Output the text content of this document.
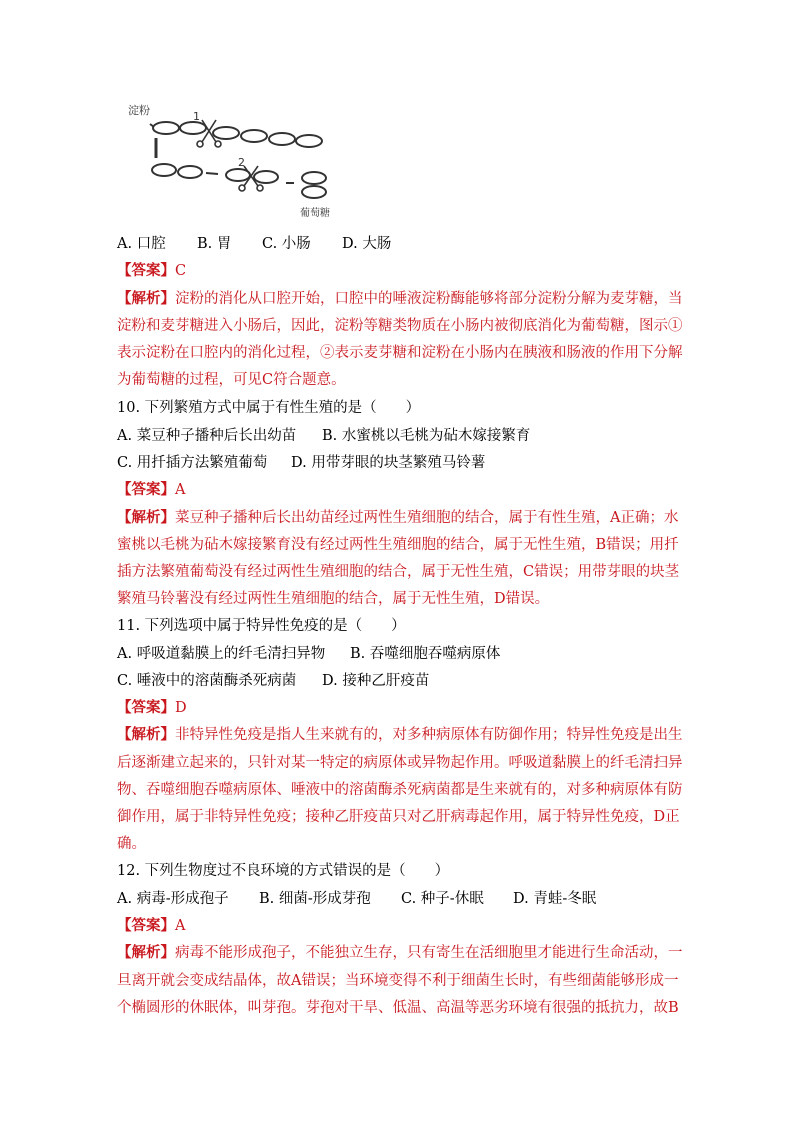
淀粉	1
2
葡萄糖
A. 口腔 B. 胃 C. 小肠 D. 大肠
【答案】C
【解析】淀粉的消化从口腔开始，口腔中的唾液淀粉酶能够将部分淀粉分解为麦芽糖，当
淀粉和麦芽糖进入小肠后，因此，淀粉等糖类物质在小肠内被彻底消化为葡萄糖，图示①
表示淀粉在口腔内的消化过程，②表示麦芽糖和淀粉在小肠内在胰液和肠液的作用下分解
为葡萄糖的过程，可见C符合题意。
10. 下列繁殖方式中属于有性生殖的是（　　）
A. 菜豆种子播种后长出幼苗 B. 水蜜桃以毛桃为砧木嫁接繁育
C. 用扦插方法繁殖葡萄 D. 用带芽眼的块茎繁殖马铃薯
【答案】A
【解析】菜豆种子播种后长出幼苗经过两性生殖细胞的结合，属于有性生殖，A正确；水
蜜桃以毛桃为砧木嫁接繁育没有经过两性生殖细胞的结合，属于无性生殖，B错误；用扦
插方法繁殖葡萄没有经过两性生殖细胞的结合，属于无性生殖，C错误；用带芽眼的块茎
繁殖马铃薯没有经过两性生殖细胞的结合，属于无性生殖，D错误。
11. 下列选项中属于特异性免疫的是（　　）
A. 呼吸道黏膜上的纤毛清扫异物 B. 吞噬细胞吞噬病原体
C. 唾液中的溶菌酶杀死病菌 D. 接种乙肝疫苗
【答案】D
【解析】非特异性免疫是指人生来就有的，对多种病原体有防御作用；特异性免疫是出生
后逐渐建立起来的，只针对某一特定的病原体或异物起作用。呼吸道黏膜上的纤毛清扫异
物、吞噬细胞吞噬病原体、唾液中的溶菌酶杀死病菌都是生来就有的，对多种病原体有防
御作用，属于非特异性免疫；接种乙肝疫苗只对乙肝病毒起作用，属于特异性免疫，D正
确。
12. 下列生物度过不良环境的方式错误的是（　　）
A. 病毒-形成孢子 B. 细菌-形成芽孢 C. 种子-休眠 D. 青蛙-冬眠
【答案】A
【解析】病毒不能形成孢子，不能独立生存，只有寄生在活细胞里才能进行生命活动，一
旦离开就会变成结晶体，故A错误；当环境变得不利于细菌生长时，有些细菌能够形成一
个椭圆形的休眠体，叫芽孢。芽孢对干旱、低温、高温等恶劣环境有很强的抵抗力，故B
